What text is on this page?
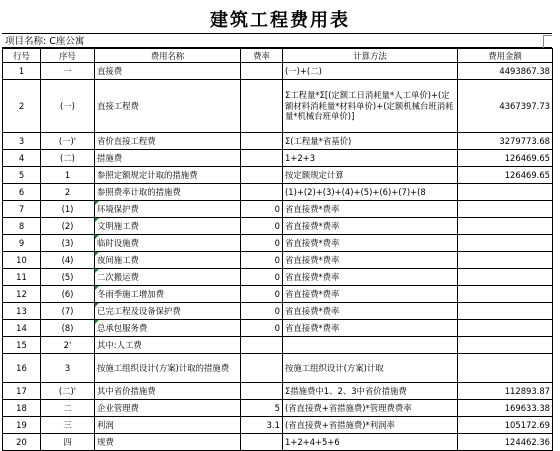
建筑工程费用表
项目名称: C座公寓
行号	序号	费用名称	费率	计算方法	费用金额
1	一	直接费		(一)+(二)	4493867.38
2	(一)	直接工程费		Σ工程量*Σ[(定额工日消耗量*人工单价)+(定额材料消耗量*材料单价)+(定额机械台班消耗量*机械台班单价)]	4367397.73
3	(一)'	省价直接工程费		Σ(工程量*省基价)	3279773.68
4	(二)	措施费		1+2+3	126469.65
5	1	参照定额规定计取的措施费		按定额规定计算	126469.65
6	2	参照费率计取的措施费		(1)+(2)+(3)+(4)+(5)+(6)+(7)+(8	
7	(1)	环境保护费	0	省直接费*费率	
8	(2)	文明施工费	0	省直接费*费率	
9	(3)	临时设施费	0	省直接费*费率	
10	(4)	夜间施工费	0	省直接费*费率	
11	(5)	二次搬运费	0	省直接费*费率	
12	(6)	冬雨季施工增加费	0	省直接费*费率	
13	(7)	已完工程及设备保护费	0	省直接费*费率	
14	(8)	总承包服务费	0	省直接费*费率	
15	2'	其中:人工费			
16	3	按施工组织设计(方案)计取的措施费		按施工组织设计(方案)计取	
17	(二)'	其中省价措施费		Σ措施费中1、2、3中省价措施费	112893.87
18	二	企业管理费	5	(省直接费+省措施费)*管理费费率	169633.38
19	三	利润	3.1	(省直接费+省措施费)*利润率	105172.69
20	四	规费		1+2+4+5+6	124462.36
